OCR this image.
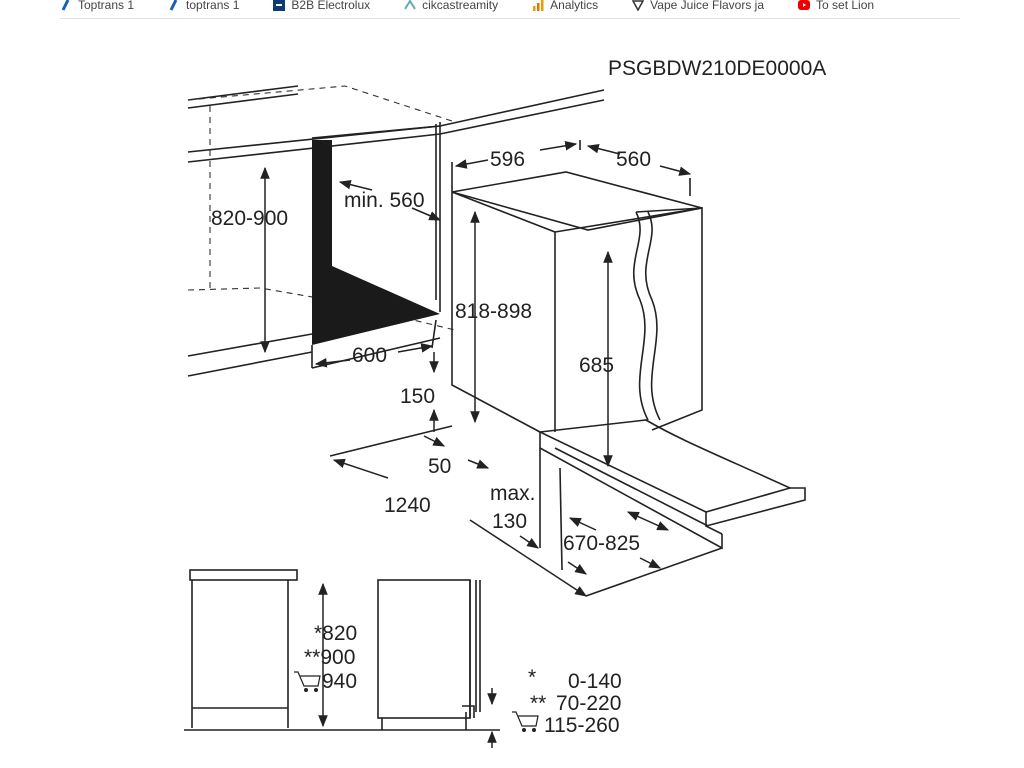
Toptrans 1	toptrans 1	B2B Electrolux	cikcastreamity	Analytics	Vape Juice Flavors ja	To set Lion
PSGBDW210DE0000A
596	560
820-900
min. 560
818-898
600	685
150
50
1240
max.
130
670-825
*820
**900
940	* 0-140
** 70-220
115-260
